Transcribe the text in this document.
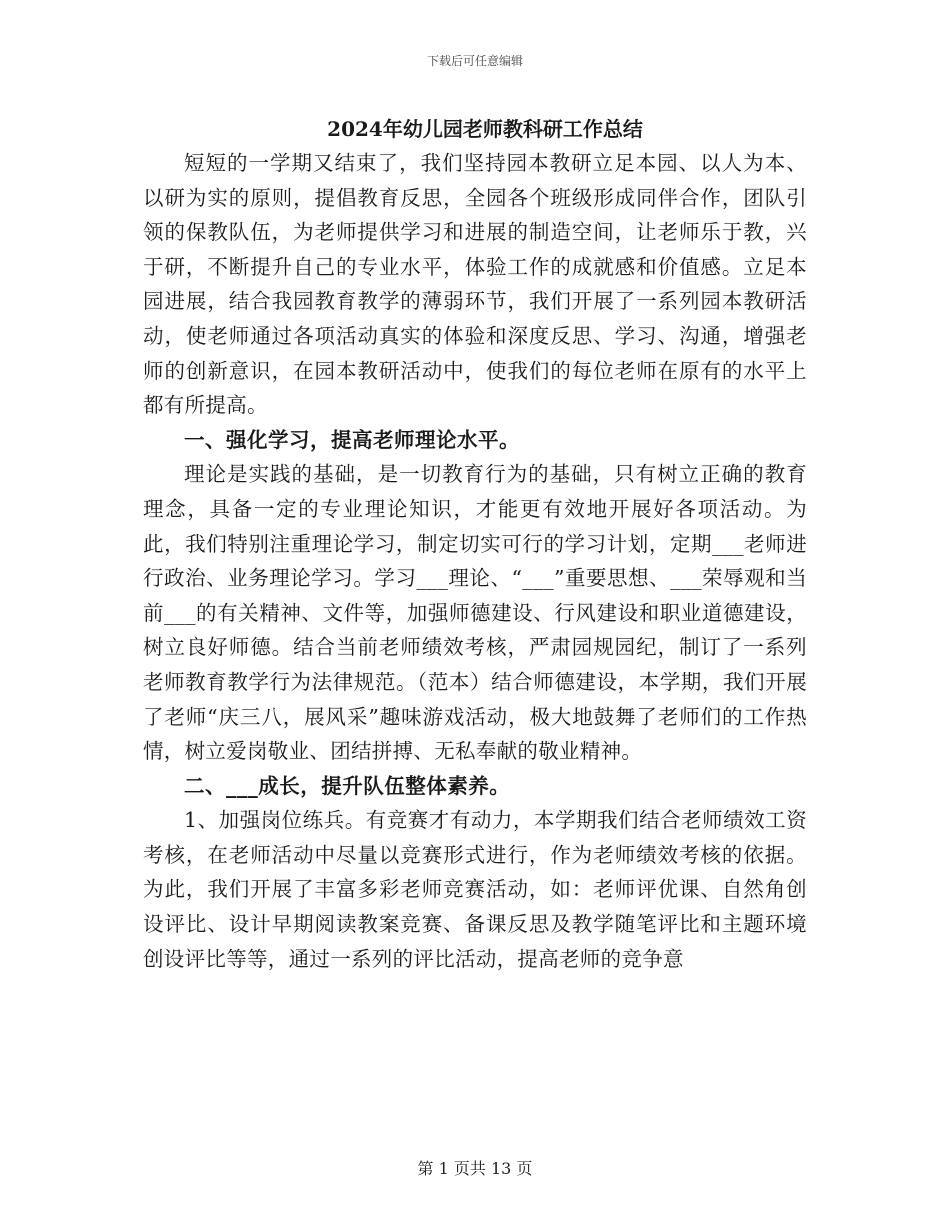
下载后可任意编辑
2024年幼儿园老师教科研工作总结

短短的一学期又结束了，我们坚持园本教研立足本园、以人为本、以研为实的原则，提倡教育反思，全园各个班级形成同伴合作，团队引领的保教队伍，为老师提供学习和进展的制造空间，让老师乐于教，兴于研，不断提升自己的专业水平，体验工作的成就感和价值感。立足本园进展，结合我园教育教学的薄弱环节，我们开展了一系列园本教研活动，使老师通过各项活动真实的体验和深度反思、学习、沟通，增强老师的创新意识，在园本教研活动中，使我们的每位老师在原有的水平上都有所提高。

一、强化学习，提高老师理论水平。

理论是实践的基础，是一切教育行为的基础，只有树立正确的教育理念，具备一定的专业理论知识，才能更有效地开展好各项活动。为此，我们特别注重理论学习，制定切实可行的学习计划，定期___老师进行政治、业务理论学习。学习___理论、“___”重要思想、___荣辱观和当前___的有关精神、文件等，加强师德建设、行风建设和职业道德建设，树立良好师德。结合当前老师绩效考核，严肃园规园纪，制订了一系列老师教育教学行为法律规范。（范本）结合师德建设，本学期，我们开展了老师“庆三八，展风采”趣味游戏活动，极大地鼓舞了老师们的工作热情，树立爱岗敬业、团结拼搏、无私奉献的敬业精神。

二、___成长，提升队伍整体素养。

1、加强岗位练兵。有竞赛才有动力，本学期我们结合老师绩效工资考核，在老师活动中尽量以竞赛形式进行，作为老师绩效考核的依据。为此，我们开展了丰富多彩老师竞赛活动，如：老师评优课、自然角创设评比、设计早期阅读教案竞赛、备课反思及教学随笔评比和主题环境创设评比等等，通过一系列的评比活动，提高老师的竞争意

第 1 页共 13 页
